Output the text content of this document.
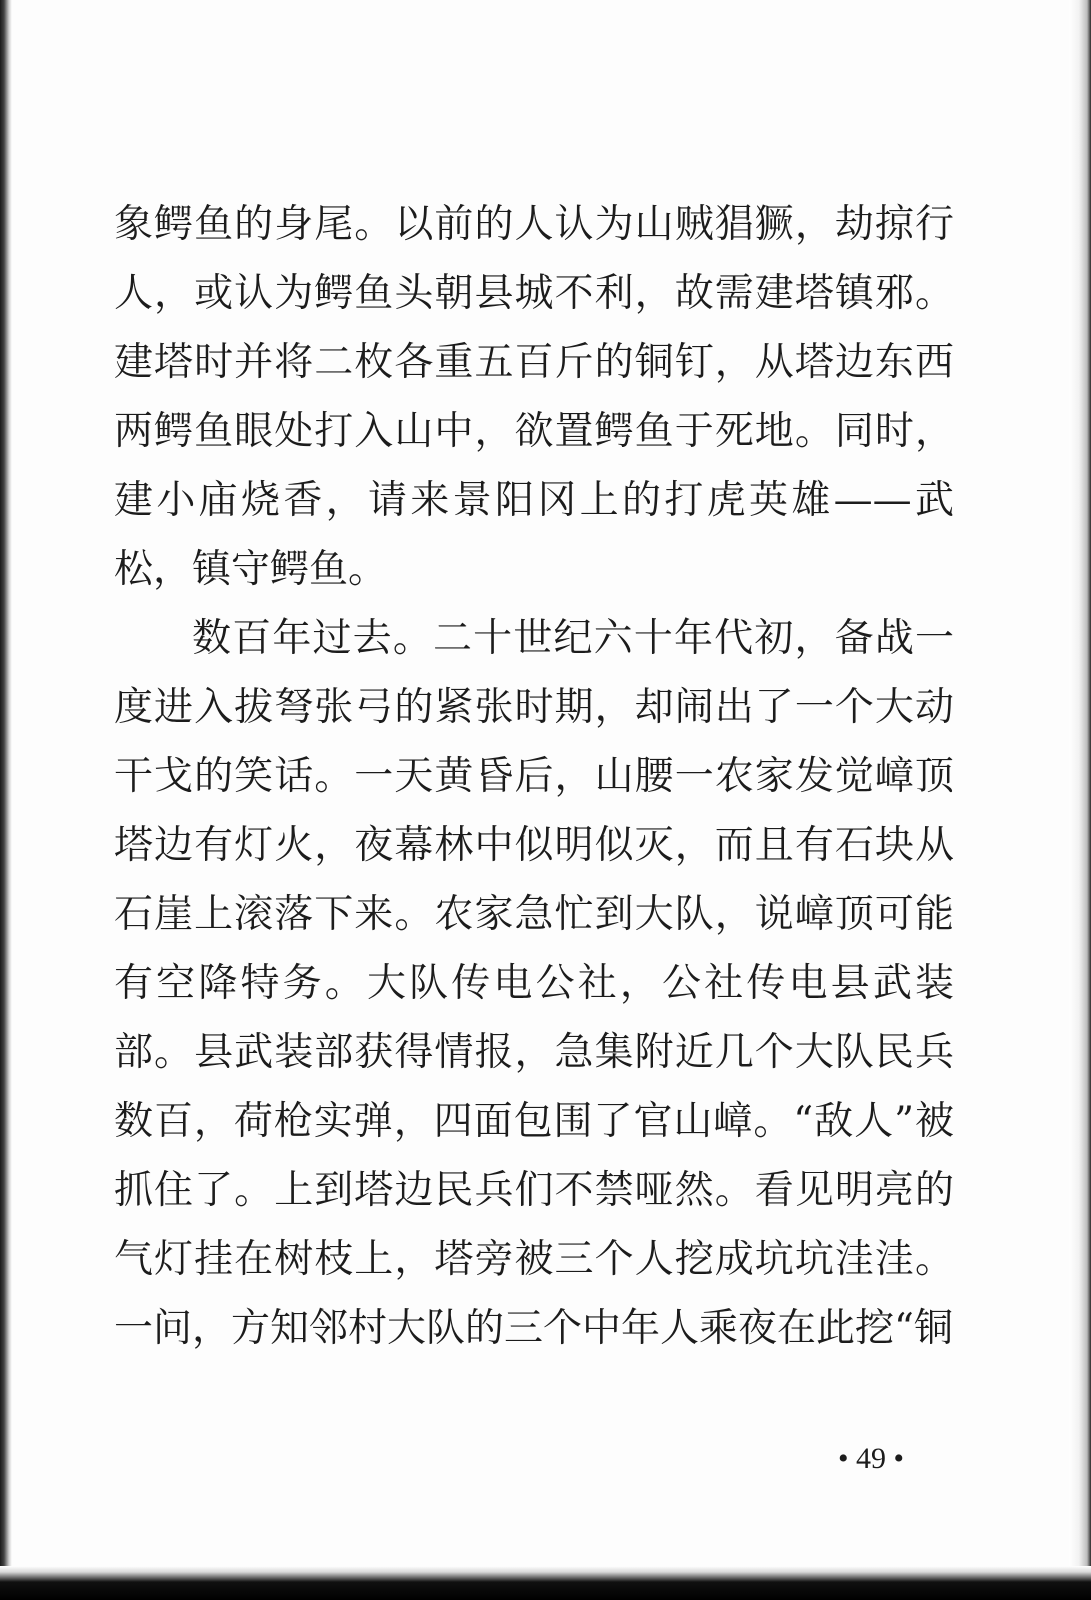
象鳄鱼的身尾。以前的人认为山贼猖獗，劫掠行人，或认为鳄鱼头朝县城不利，故需建塔镇邪。建塔时并将二枚各重五百斤的铜钉，从塔边东西两鳄鱼眼处打入山中，欲置鳄鱼于死地。同时，建小庙烧香，请来景阳冈上的打虎英雄——武松，镇守鳄鱼。

数百年过去。二十世纪六十年代初，备战一度进入拔弩张弓的紧张时期，却闹出了一个大动干戈的笑话。一天黄昏后，山腰一农家发觉嶂顶塔边有灯火，夜幕林中似明似灭，而且有石块从石崖上滚落下来。农家急忙到大队，说嶂顶可能有空降特务。大队传电公社，公社传电县武装部。县武装部获得情报，急集附近几个大队民兵数百，荷枪实弹，四面包围了官山嶂。“敌人”被抓住了。上到塔边民兵们不禁哑然。看见明亮的气灯挂在树枝上，塔旁被三个人挖成坑坑洼洼。一问，方知邻村大队的三个中年人乘夜在此挖“铜

• 49 •
